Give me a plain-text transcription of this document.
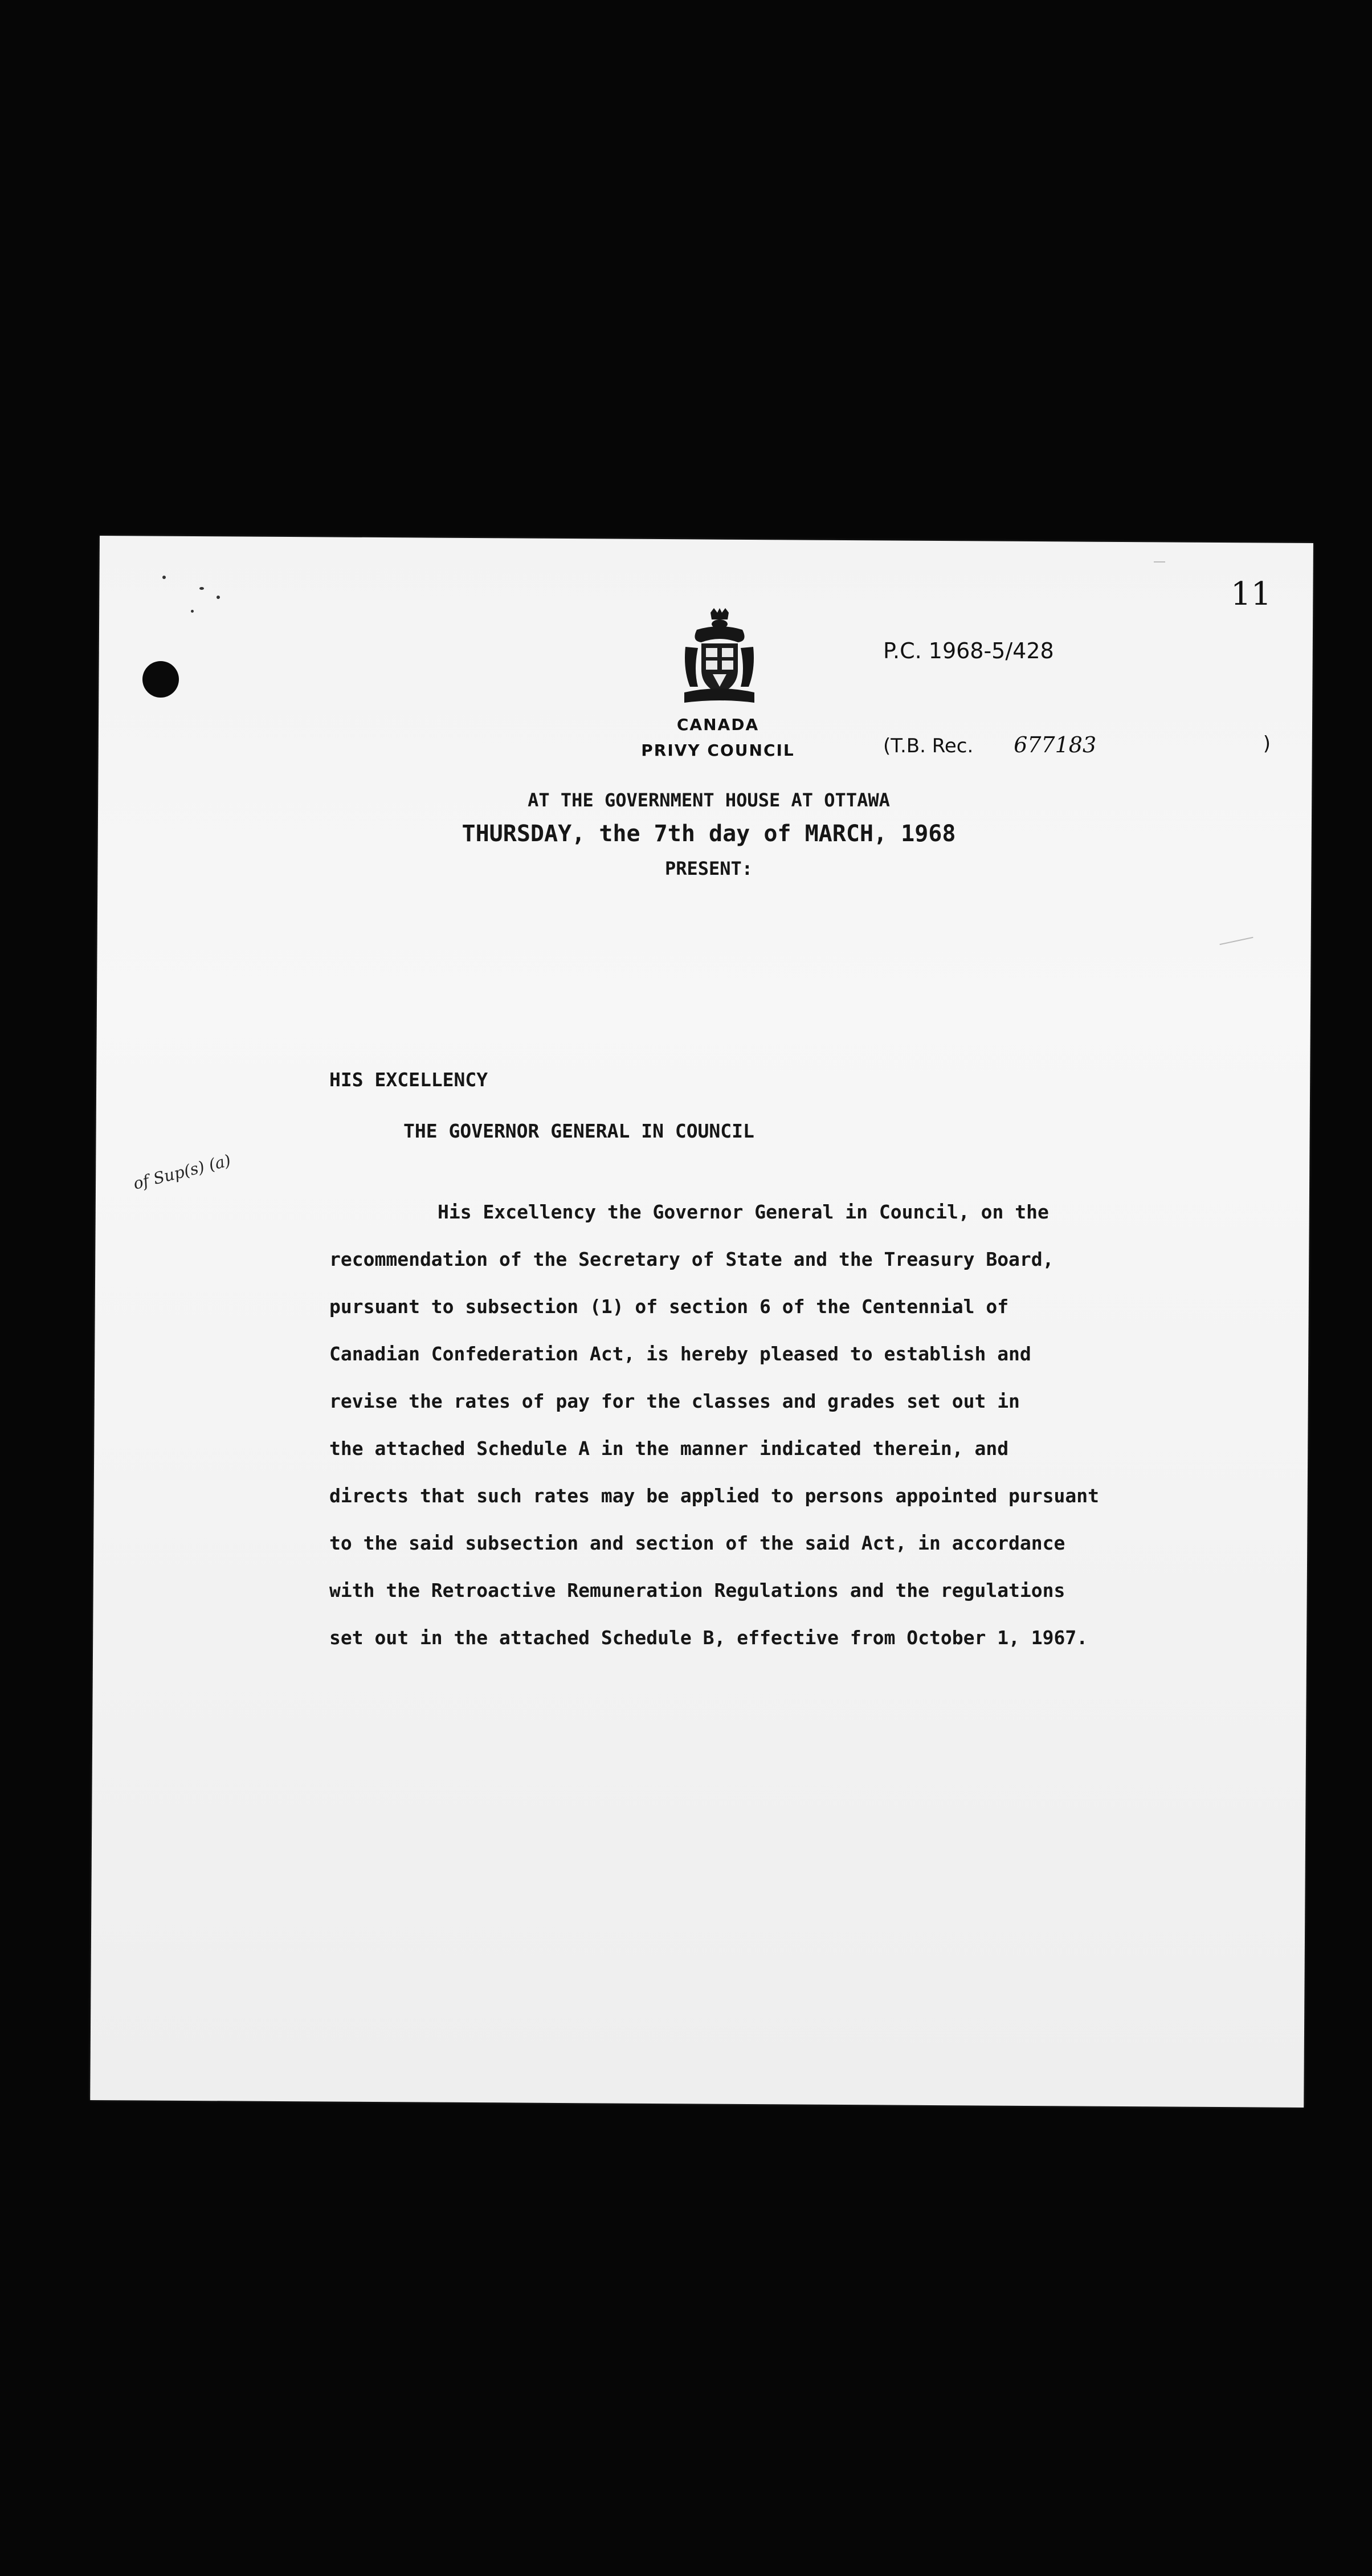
11
CANADA
PRIVY COUNCIL
P.C. 1968-5/428
(T.B. Rec. 677183	)
AT THE GOVERNMENT HOUSE AT OTTAWA
THURSDAY, the 7th day of MARCH, 1968
PRESENT:
HIS EXCELLENCY
THE GOVERNOR GENERAL IN COUNCIL
of Sup(s) (a)
His Excellency the Governor General in Council, on the
recommendation of the Secretary of State and the Treasury Board,
pursuant to subsection (1) of section 6 of the Centennial of
Canadian Confederation Act, is hereby pleased to establish and
revise the rates of pay for the classes and grades set out in
the attached Schedule A in the manner indicated therein, and
directs that such rates may be applied to persons appointed pursuant
to the said subsection and section of the said Act, in accordance
with the Retroactive Remuneration Regulations and the regulations
set out in the attached Schedule B, effective from October 1, 1967.
